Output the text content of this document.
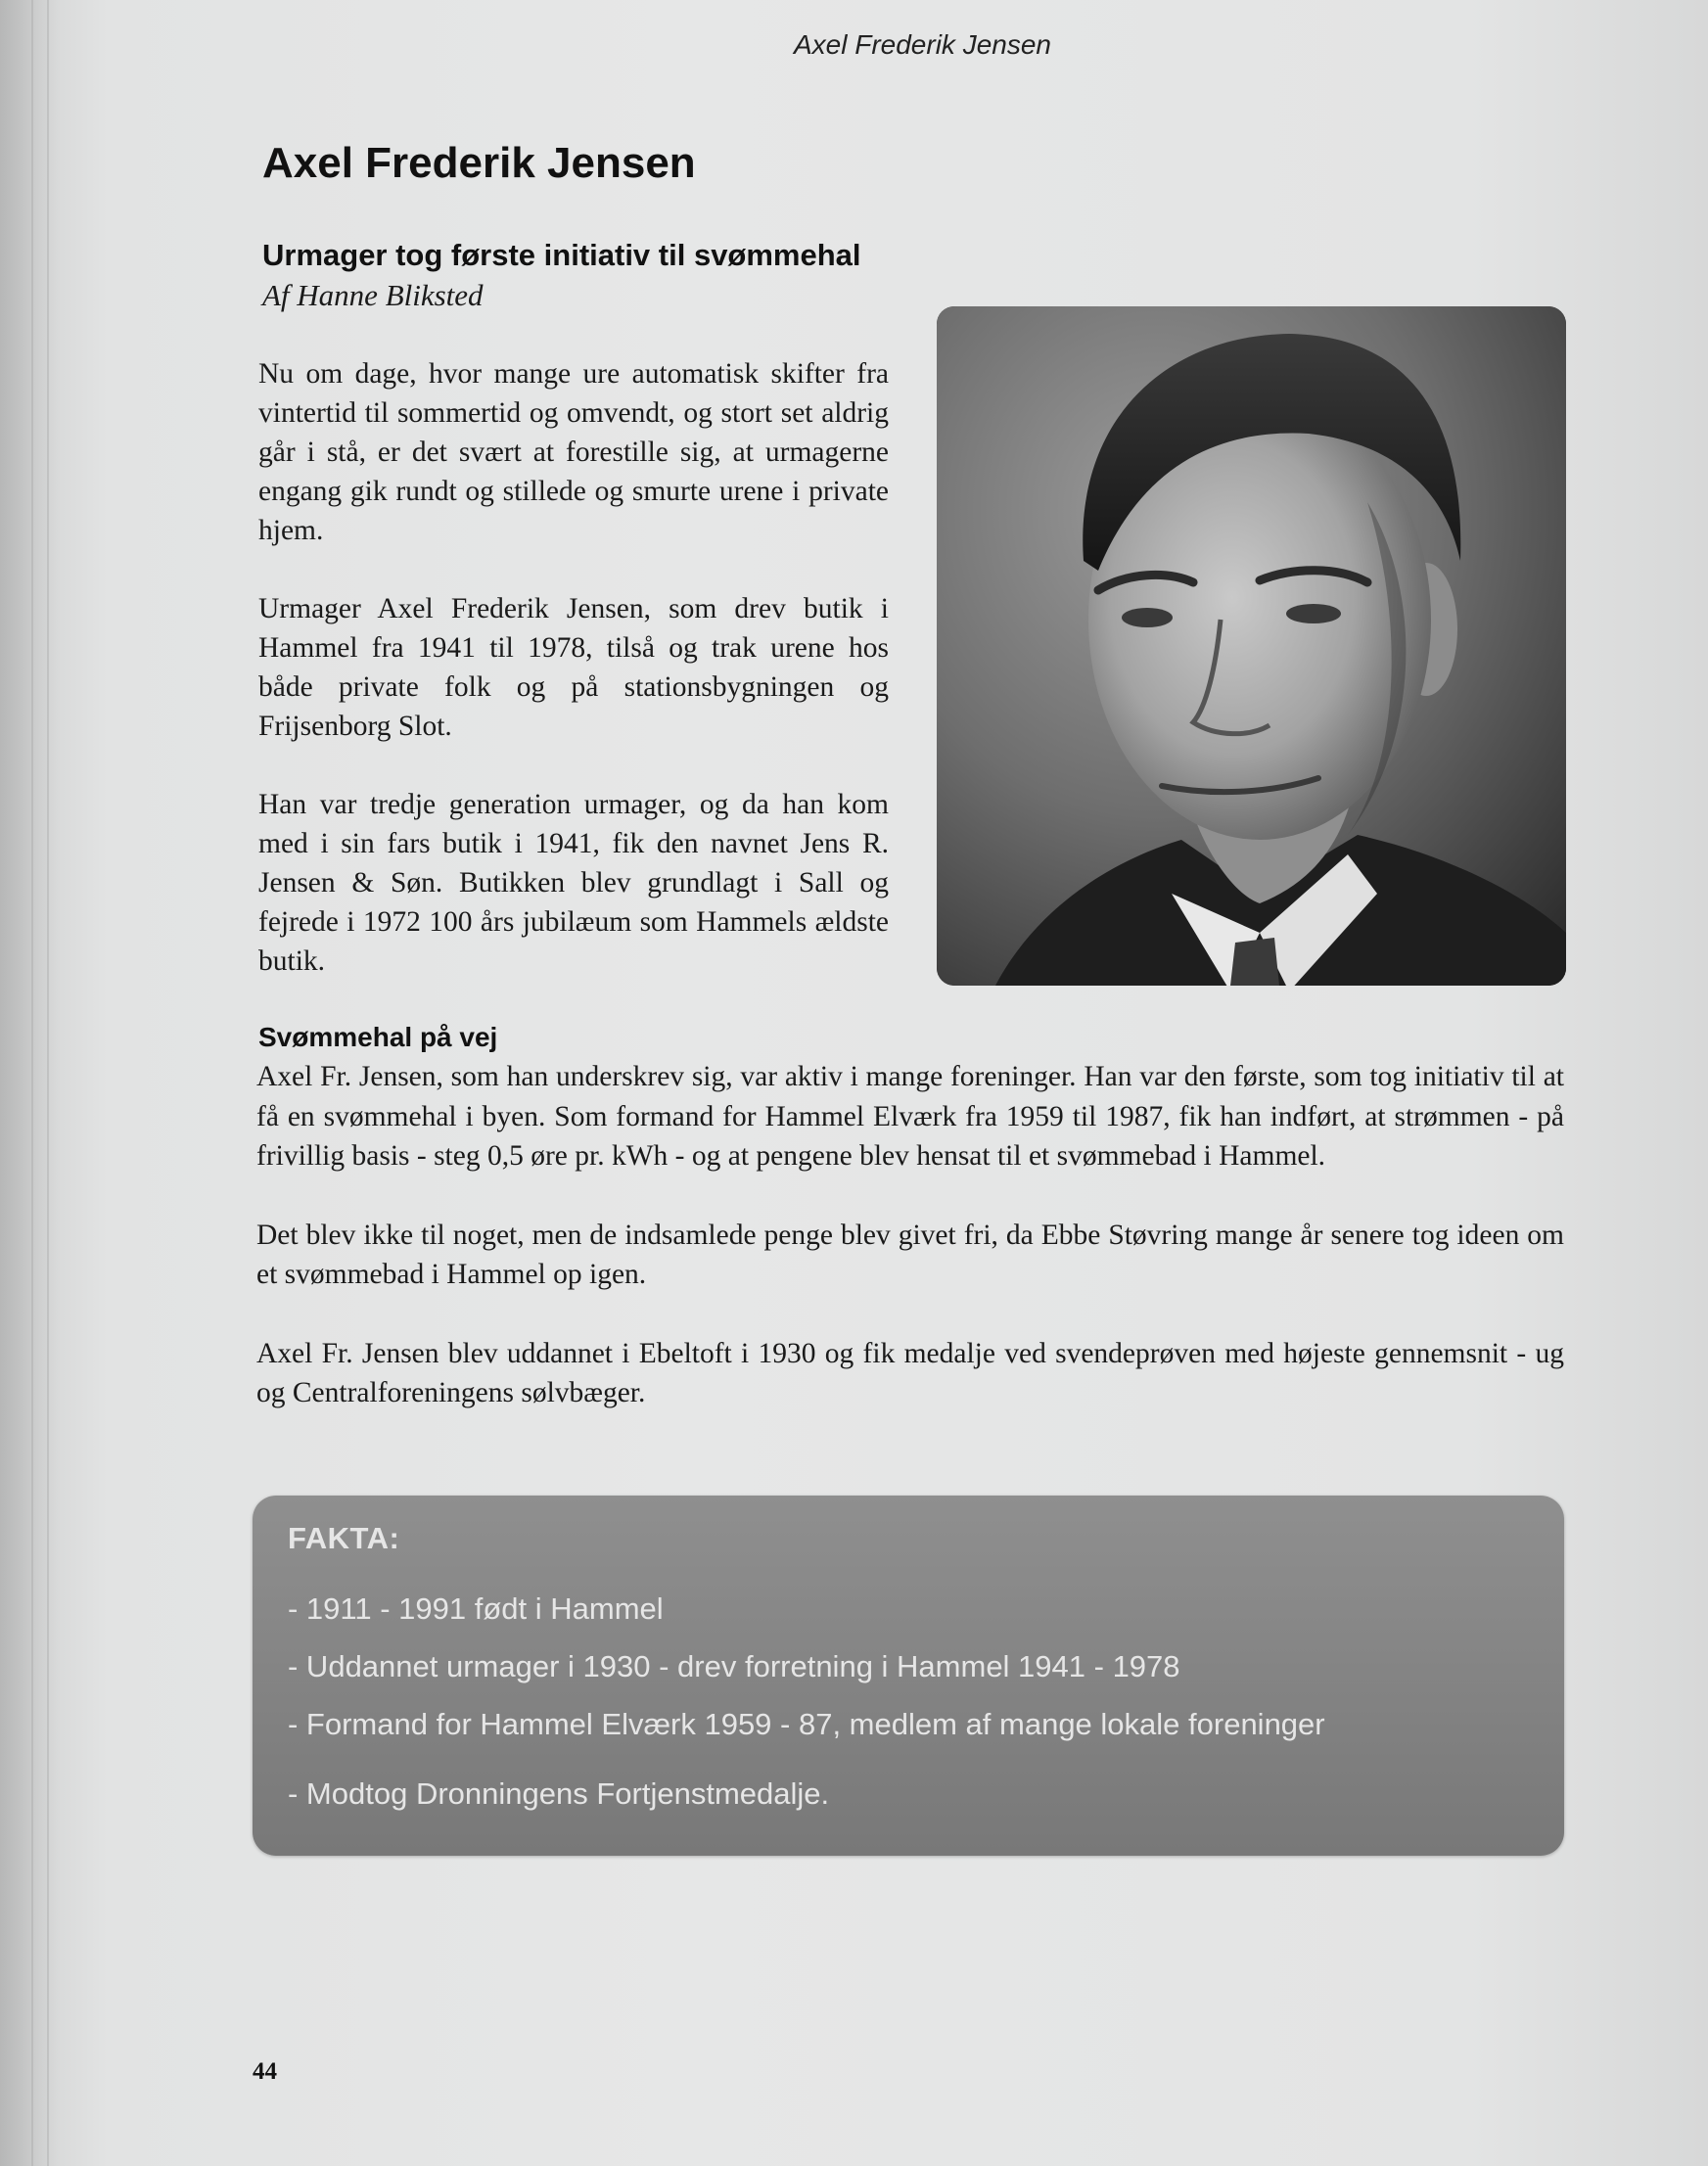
Axel Frederik Jensen
Axel Frederik Jensen
Urmager tog første initiativ til svømmehal
Af Hanne Bliksted

Nu om dage, hvor mange ure automatisk skifter fra vintertid til sommertid og omvendt, og stort set aldrig går i stå, er det svært at forestille sig, at urmagerne engang gik rundt og stillede og smurte urene i private hjem.

Urmager Axel Frederik Jensen, som drev butik i Hammel fra 1941 til 1978, tilså og trak urene hos både private folk og på stationsbygningen og Frijsenborg Slot.

Han var tredje generation urmager, og da han kom med i sin fars butik i 1941, fik den navnet Jens R. Jensen & Søn. Butikken blev grundlagt i Sall og fejrede i 1972 100 års jubilæum som Hammels ældste butik.

Svømmehal på vej

Axel Fr. Jensen, som han underskrev sig, var aktiv i mange foreninger. Han var den første, som tog initiativ til at få en svømmehal i byen. Som formand for Hammel Elværk fra 1959 til 1987, fik han indført, at strømmen - på frivillig basis - steg 0,5 øre pr. kWh - og at pengene blev hensat til et svømmebad i Hammel.

Det blev ikke til noget, men de indsamlede penge blev givet fri, da Ebbe Støvring mange år senere tog ideen om et svømmebad i Hammel op igen.

Axel Fr. Jensen blev uddannet i Ebeltoft i 1930 og fik medalje ved svendeprøven med højeste gennemsnit - ug og Centralforeningens sølvbæger.

FAKTA:
- 1911 - 1991 født i Hammel
- Uddannet urmager i 1930 - drev forretning i Hammel 1941 - 1978
- Formand for Hammel Elværk 1959 - 87, medlem af mange lokale foreninger
- Modtog Dronningens Fortjenstmedalje.
44
